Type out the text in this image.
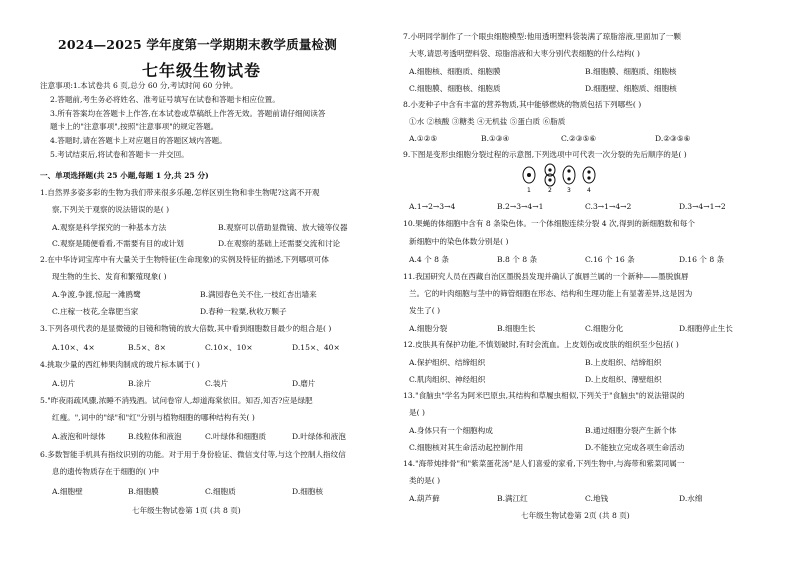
2024—2025 学年度第一学期期末教学质量检测
七年级生物试卷
注意事项:1.本试卷共 6 页,总分 60 分,考试时间 60 分钟。
2.答题前,考生务必将姓名、准考证号填写在试卷和答题卡相应位置。
3.所有答案均在答题卡上作答,在本试卷或草稿纸上作答无效。答题前请仔细阅读答
题卡上的"注意事项",按照"注意事项"的规定答题。
4.答题时,请在答题卡上对应题目的答题区域内答题。
5.考试结束后,将试卷和答题卡一并交回。
一、单项选择题(共 25 小题,每题 1 分,共 25 分)
1.自然界多姿多彩的生物为我们带来很多乐趣,怎样区别生物和非生物呢?这离不开观
察,下列关于观察的说法错误的是( )
A.观察是科学探究的一种基本方法	B.观察可以借助显微镜、放大镜等仪器
C.观察是随便看看,不需要有目的或计划	D.在观察的基础上还需要交流和讨论
2.在中华诗词宝库中有大量关于生物特征(生命现象)的实例及特征的描述,下列哪项可体
现生物的生长、发育和繁殖现象( )
A.争渡,争渡,惊起一滩鸥鹭	B.满园春色关不住,一枝红杏出墙来
C.庄稼一枝花,全靠肥当家	D.春种一粒粟,秋收万颗子
3.下列各项代表的是显微镜的目镜和物镜的放大倍数,其中看到细胞数目最少的组合是( )
A.10×、4×	B.5×、8×	C.10×、10×	D.15×、40×
4.挑取少量的西红柿果肉制成的玻片标本属于( )
A.切片	B.涂片	C.装片	D.磨片
5."昨夜雨疏风骤,浓睡不消残酒。试问卷帘人,却道海棠依旧。知否,知否?应是绿肥
红瘦。",词中的"绿"和"红"分别与植物细胞的哪种结构有关( )
A.液泡和叶绿体	B.线粒体和液泡	C.叶绿体和细胞质	D.叶绿体和液泡
6.多数智能手机具有指纹识别的功能。对于用于身份验证、微信支付等,与这个控制人指纹信
息的遗传物质存在于细胞的( )中
A.细胞壁	B.细胞膜	C.细胞质	D.细胞核
七年级生物试卷第 1页 (共 8 页)
7.小明同学制作了一个眼虫细胞模型:他用透明塑料袋装满了琼脂溶液,里面加了一颗
大枣,请思考透明塑料袋、琼脂溶液和大枣分别代表细胞的什么结构( )
A.细胞核、细胞质、细胞膜	B.细胞膜、细胞质、细胞核
C.细胞膜、细胞核、细胞质	D.细胞壁、细胞质、细胞核
8.小麦种子中含有丰富的营养物质,其中能够燃烧的物质包括下列哪些( )
①水 ②核酸 ③糖类 ④无机盐 ⑤蛋白质 ⑥脂质
A.①②⑤	B.①③④	C.②③⑤⑥	D.②③⑤⑥
9.下图是变形虫细胞分裂过程的示意图,下列选项中可代表一次分裂的先后顺序的是( )
1	2	3	4
A.1→2→3→4	B.2→3→4→1	C.3→1→4→2	D.3→4→1→2
10.果蝇的体细胞中含有 8 条染色体。一个体细胞连续分裂 4 次,得到的新细胞数和每个
新细胞中的染色体数分别是( )
A.4 个 8 条	B.8 个 8 条	C.16 个 16 条	D.16 个 8 条
11.我国研究人员在西藏自治区墨脱县发现并确认了旗唇兰属的一个新种——墨脱旗唇
兰。它的叶肉细胞与茎中的筛管细胞在形态、结构和生理功能上有显著差异,这是因为
发生了( )
A.细胞分裂	B.细胞生长	C.细胞分化	D.细胞停止生长
12.皮肤具有保护功能,不慎划破时,有时会流血。上皮划伤或皮肤的组织至少包括( )
A.保护组织、结缔组织	B.上皮组织、结缔组织
C.肌肉组织、神经组织	D.上皮组织、薄壁组织
13."食脑虫"学名为阿米巴原虫,其结构和草履虫相似,下列关于"食脑虫"的说法错误的
是( )
A.身体只有一个细胞构成	B.通过细胞分裂产生新个体
C.细胞核对其生命活动起控制作用	D.不能独立完成各项生命活动
14."海带炖排骨"和"紫菜蛋花汤"是人们喜爱的家肴,下列生物中,与海带和紫菜同属一
类的是( )
A.葫芦藓	B.满江红	C.地钱	D.水绵
七年级生物试卷第 2页 (共 8 页)
